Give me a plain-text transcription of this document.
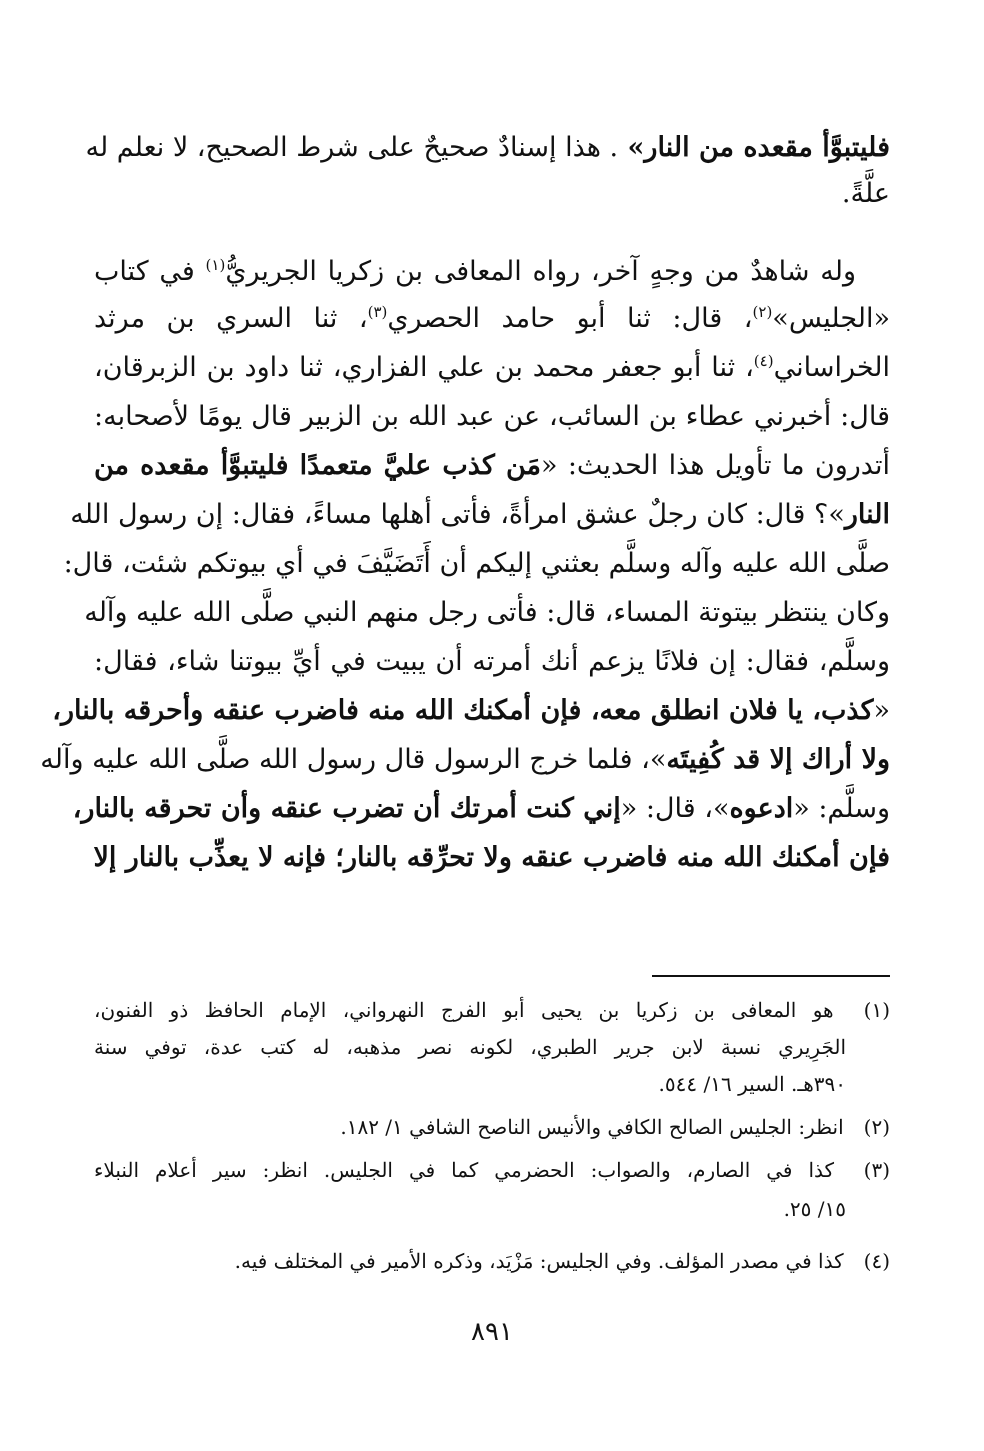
فليتبوَّأ مقعده من النار» . هذا إسنادٌ صحيحٌ على شرط الصحيح، لا نعلم له
علَّةً.
وله شاهدٌ من وجهٍ آخر، رواه المعافى بن زكريا الجريريُّ$^{(١)}$ في كتاب
«الجليس»$^{(٢)}$، قال: ثنا أبو حامد الحصري$^{(٣)}$، ثنا السري بن مرثد
الخراساني$^{(٤)}$، ثنا أبو جعفر محمد بن علي الفزاري، ثنا داود بن الزبرقان،
قال: أخبرني عطاء بن السائب، عن عبد الله بن الزبير قال يومًا لأصحابه:
أتدرون ما تأويل هذا الحديث: «مَن كذب عليَّ متعمدًا فليتبوَّأ مقعده من
النار»؟ قال: كان رجلٌ عشق امرأةً، فأتى أهلها مساءً، فقال: إن رسول الله
صلَّى الله عليه وآله وسلَّم بعثني إليكم أن أَتَضَيَّفَ في أي بيوتكم شئت، قال:
وكان ينتظر بيتوتة المساء، قال: فأتى رجل منهم النبي صلَّى الله عليه وآله
وسلَّم، فقال: إن فلانًا يزعم أنك أمرته أن يبيت في أيِّ بيوتنا شاء، فقال:
«كذب، يا فلان انطلق معه، فإن أمكنك الله منه فاضرب عنقه وأحرقه بالنار،
ولا أراك إلا قد كُفِيتَه»، فلما خرج الرسول قال رسول الله صلَّى الله عليه وآله
وسلَّم: «ادعوه»، قال: «إني كنت أمرتك أن تضرب عنقه وأن تحرقه بالنار،
فإن أمكنك الله منه فاضرب عنقه ولا تحرِّقه بالنار؛ فإنه لا يعذِّب بالنار إلا
(١) هو المعافى بن زكريا بن يحيى أبو الفرج النهرواني، الإمام الحافظ ذو الفنون،
الجَرِيري نسبة لابن جرير الطبري، لكونه نصر مذهبه، له كتب عدة، توفي سنة
٣٩٠هـ. السير ١٦/ ٥٤٤.
(٢) انظر: الجليس الصالح الكافي والأنيس الناصح الشافي ١/ ١٨٢.
(٣) كذا في الصارم، والصواب: الحضرمي كما في الجليس. انظر: سير أعلام النبلاء
١٥/ ٢٥.
(٤) كذا في مصدر المؤلف. وفي الجليس: مَزْيَد، وذكره الأمير في المختلف فيه.
٨٩١
